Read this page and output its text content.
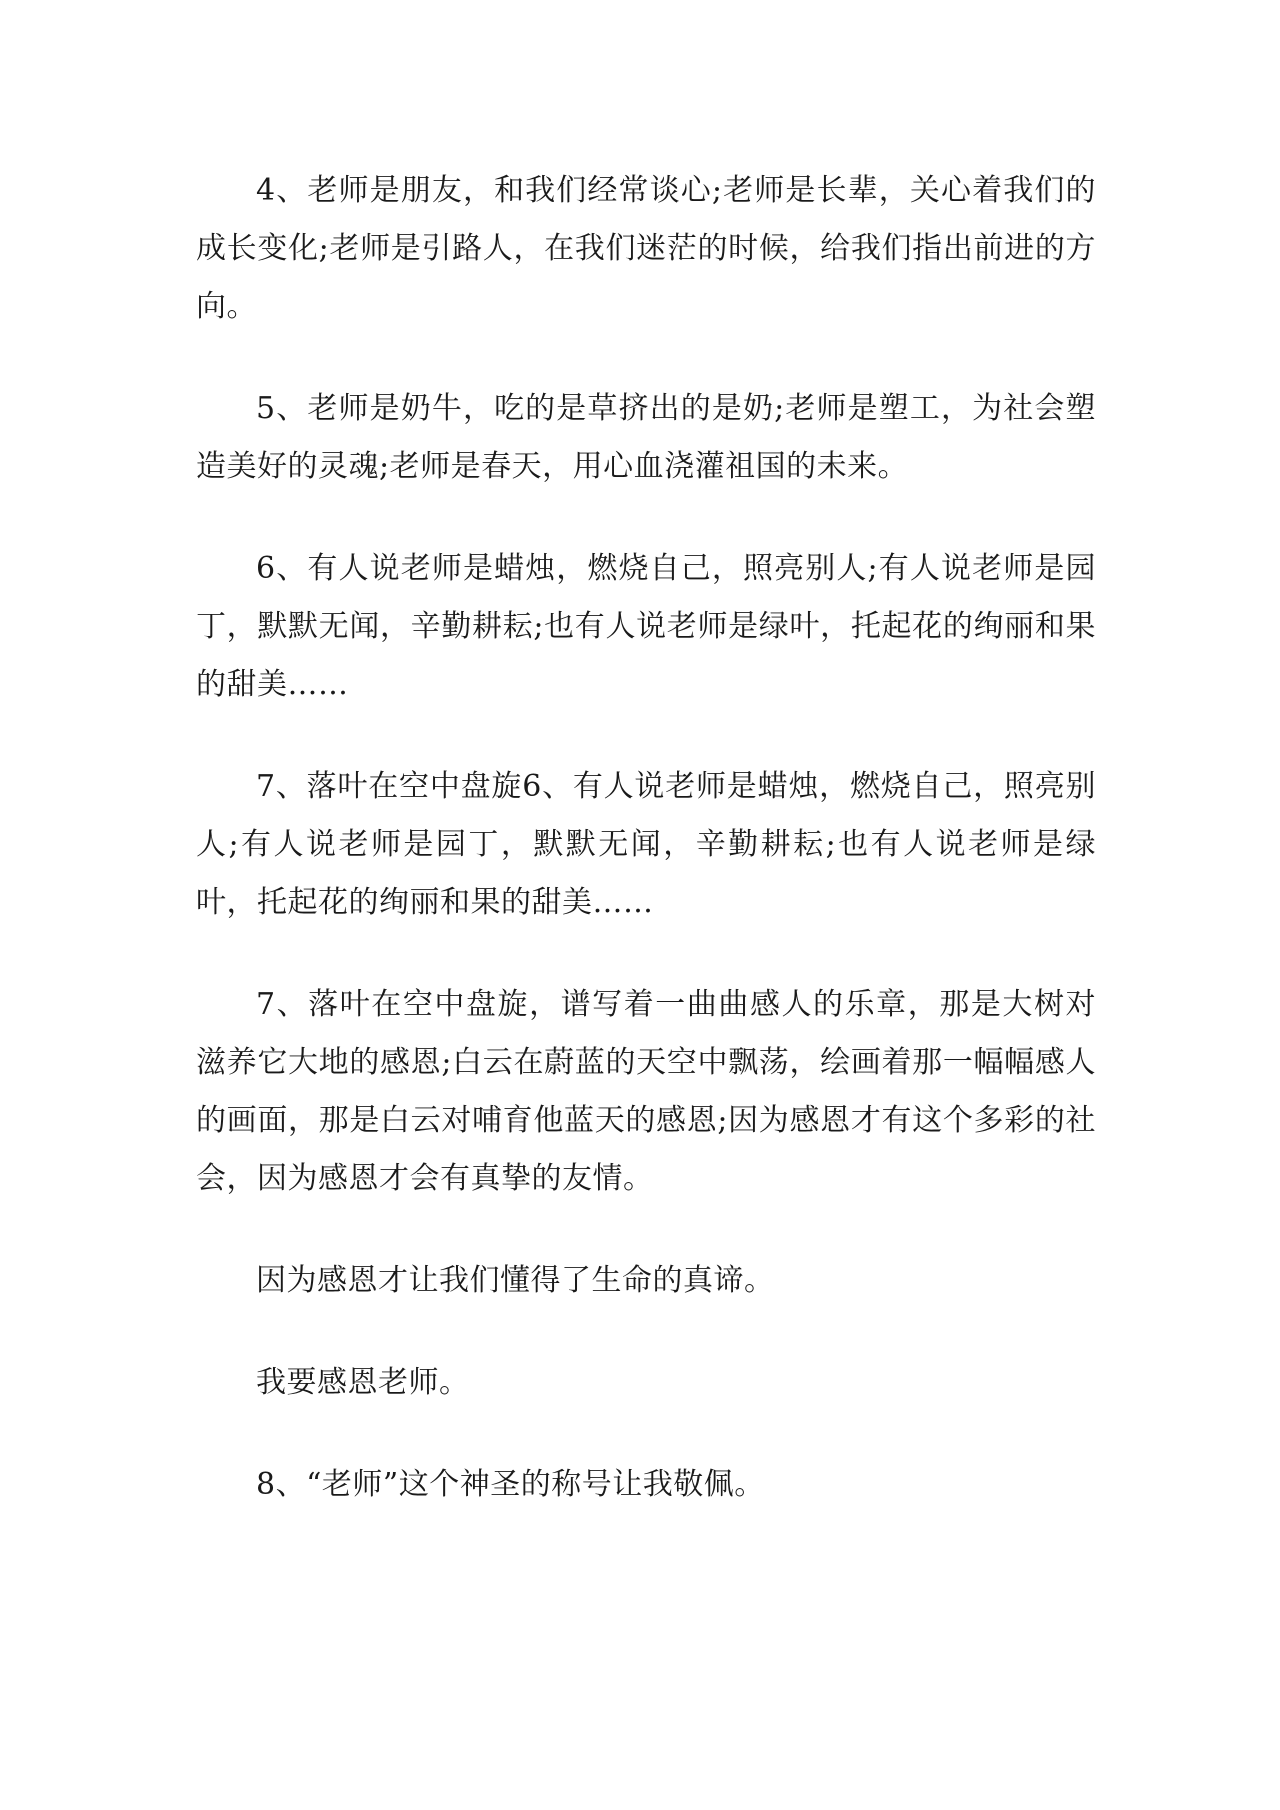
4、老师是朋友，和我们经常谈心;老师是长辈，关心着我们的成长变化;老师是引路人，在我们迷茫的时候，给我们指出前进的方向。

5、老师是奶牛，吃的是草挤出的是奶;老师是塑工，为社会塑造美好的灵魂;老师是春天，用心血浇灌祖国的未来。

6、有人说老师是蜡烛，燃烧自己，照亮别人;有人说老师是园丁，默默无闻，辛勤耕耘;也有人说老师是绿叶，托起花的绚丽和果的甜美……

7、落叶在空中盘旋6、有人说老师是蜡烛，燃烧自己，照亮别人;有人说老师是园丁，默默无闻，辛勤耕耘;也有人说老师是绿叶，托起花的绚丽和果的甜美……

7、落叶在空中盘旋，谱写着一曲曲感人的乐章，那是大树对滋养它大地的感恩;白云在蔚蓝的天空中飘荡，绘画着那一幅幅感人的画面，那是白云对哺育他蓝天的感恩;因为感恩才有这个多彩的社会，因为感恩才会有真挚的友情。

因为感恩才让我们懂得了生命的真谛。

我要感恩老师。

8、“老师”这个神圣的称号让我敬佩。
